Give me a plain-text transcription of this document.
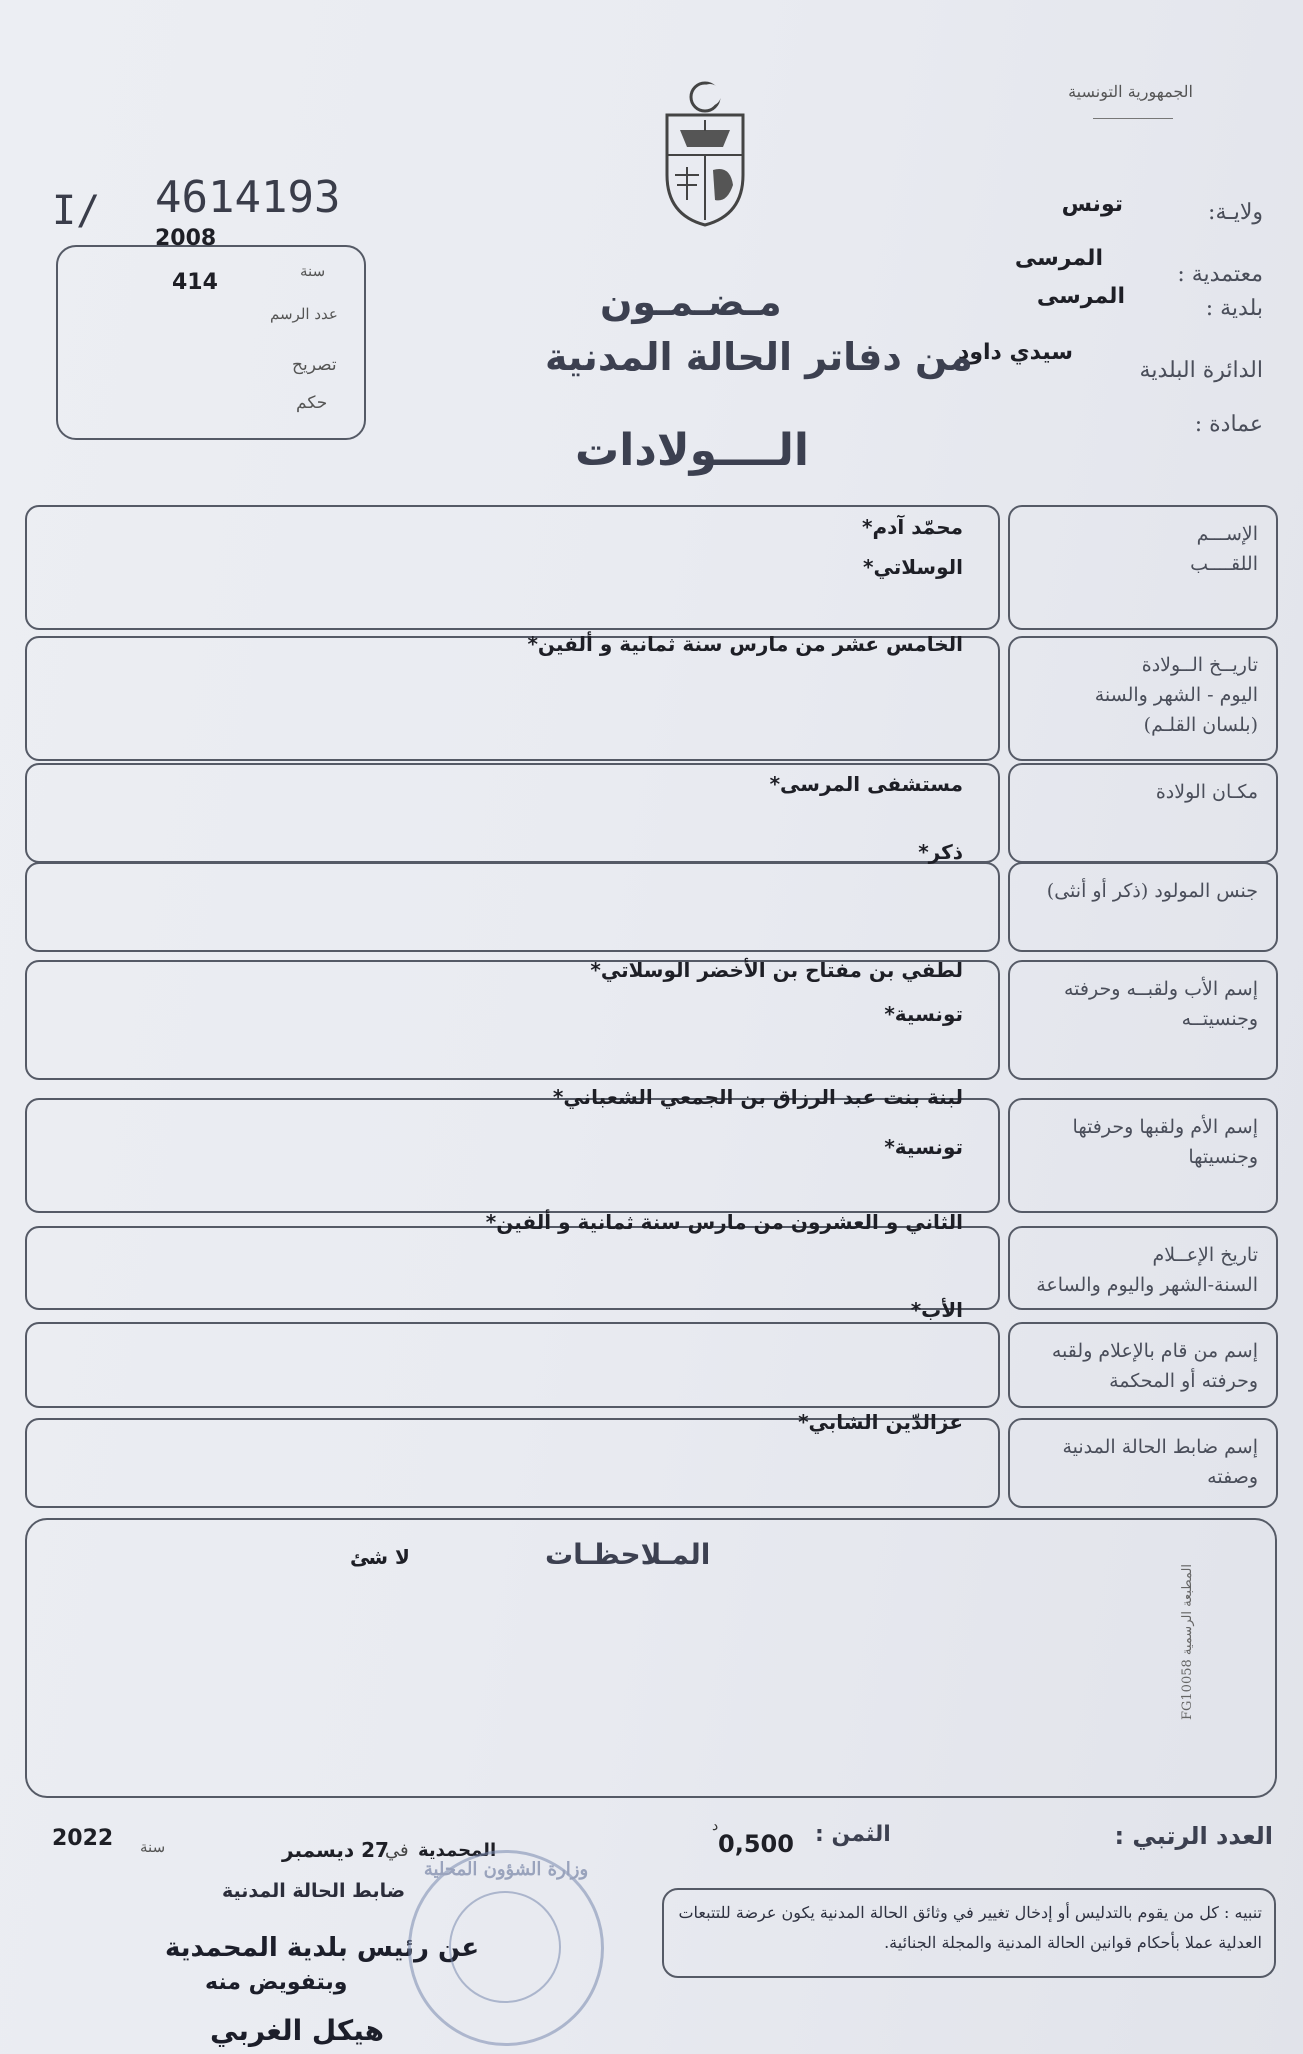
الجمهورية التونسية
ولايـة:
تونس
معتمدية :
المرسى
بلدية :
المرسى
الدائرة البلدية
سيدي داود
عمادة :
مـضـمـون
من دفاتر الحالة المدنية
الــــولادات
I/ 4614193
2008
سنة
414
عدد الرسم
تصريح
حكم
الإســـم
اللقــــب
محمّد آدم*
الوسلاتي*
تاريــخ الــولادة
اليوم - الشهر والسنة
(بلسان القلـم)
الخامس عشر من مارس سنة ثمانية و ألفين*
مكـان الولادة
مستشفى المرسى*
جنس المولود (ذكر أو أنثى)
ذكر*
إسم الأب ولقبــه وحرفته
وجنسيتــه
لطفي بن مفتاح بن الأخضر الوسلاتي*
تونسية*
إسم الأم ولقبها وحرفتها
وجنسيتها
لبنة بنت عبد الرزاق بن الجمعي الشعباني*
تونسية*
تاريخ الإعــلام
السنة-الشهر واليوم والساعة
الثاني و العشرون من مارس سنة ثمانية و ألفين*
إسم من قام بالإعلام ولقبه
وحرفته أو المحكمة
الأب*
إسم ضابط الحالة المدنية
وصفته
عزالدّين الشابي*
المـلاحظـات
لا شئ
المطبعة الرسمية FG10058
العدد الرتبي :
الثمن :
0,500
د
المحمدية
في
27 ديسمبر
سنة
2022
ضابط الحالة المدنية
عن رئيس بلدية المحمدية
وبتفويض منه
هيكل الغربي
وزارة الشؤون المحلية
تنبيه : كل من يقوم بالتدليس أو إدخال تغيير في وثائق الحالة المدنية يكون عرضة للتتبعات العدلية عملا بأحكام قوانين الحالة المدنية والمجلة الجنائية.
